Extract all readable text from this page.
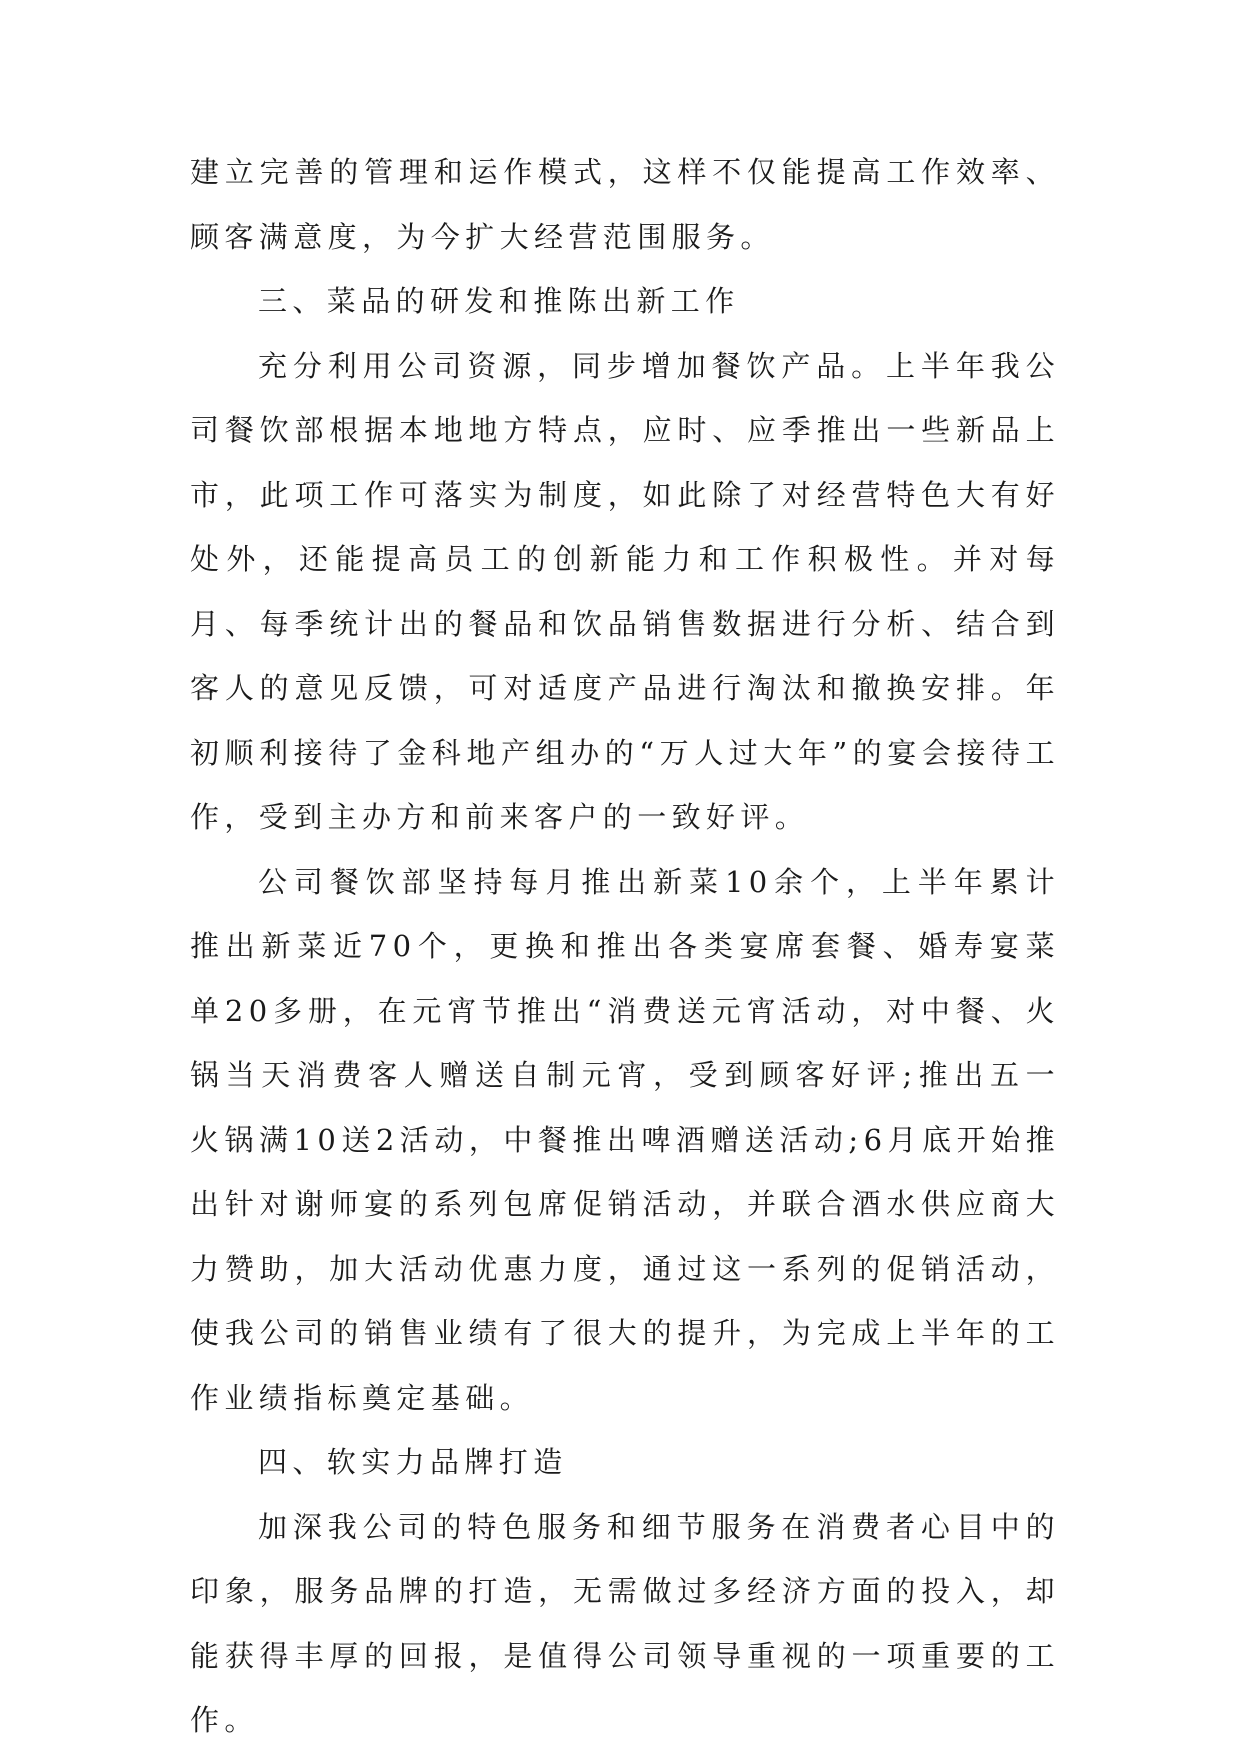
建立完善的管理和运作模式，这样不仅能提高工作效率、顾客满意度，为今扩大经营范围服务。

三、菜品的研发和推陈出新工作

充分利用公司资源，同步增加餐饮产品。上半年我公司餐饮部根据本地地方特点，应时、应季推出一些新品上市，此项工作可落实为制度，如此除了对经营特色大有好处外，还能提高员工的创新能力和工作积极性。并对每月、每季统计出的餐品和饮品销售数据进行分析、结合到客人的意见反馈，可对适度产品进行淘汰和撤换安排。年初顺利接待了金科地产组办的“万人过大年”的宴会接待工作，受到主办方和前来客户的一致好评。

公司餐饮部坚持每月推出新菜10余个，上半年累计推出新菜近70个，更换和推出各类宴席套餐、婚寿宴菜单20多册，在元宵节推出“消费送元宵活动，对中餐、火锅当天消费客人赠送自制元宵，受到顾客好评;推出五一火锅满10送2活动，中餐推出啤酒赠送活动;6月底开始推出针对谢师宴的系列包席促销活动，并联合酒水供应商大力赞助，加大活动优惠力度，通过这一系列的促销活动，使我公司的销售业绩有了很大的提升，为完成上半年的工作业绩指标奠定基础。

四、软实力品牌打造

加深我公司的特色服务和细节服务在消费者心目中的印象，服务品牌的打造，无需做过多经济方面的投入，却能获得丰厚的回报，是值得公司领导重视的一项重要的工作。
